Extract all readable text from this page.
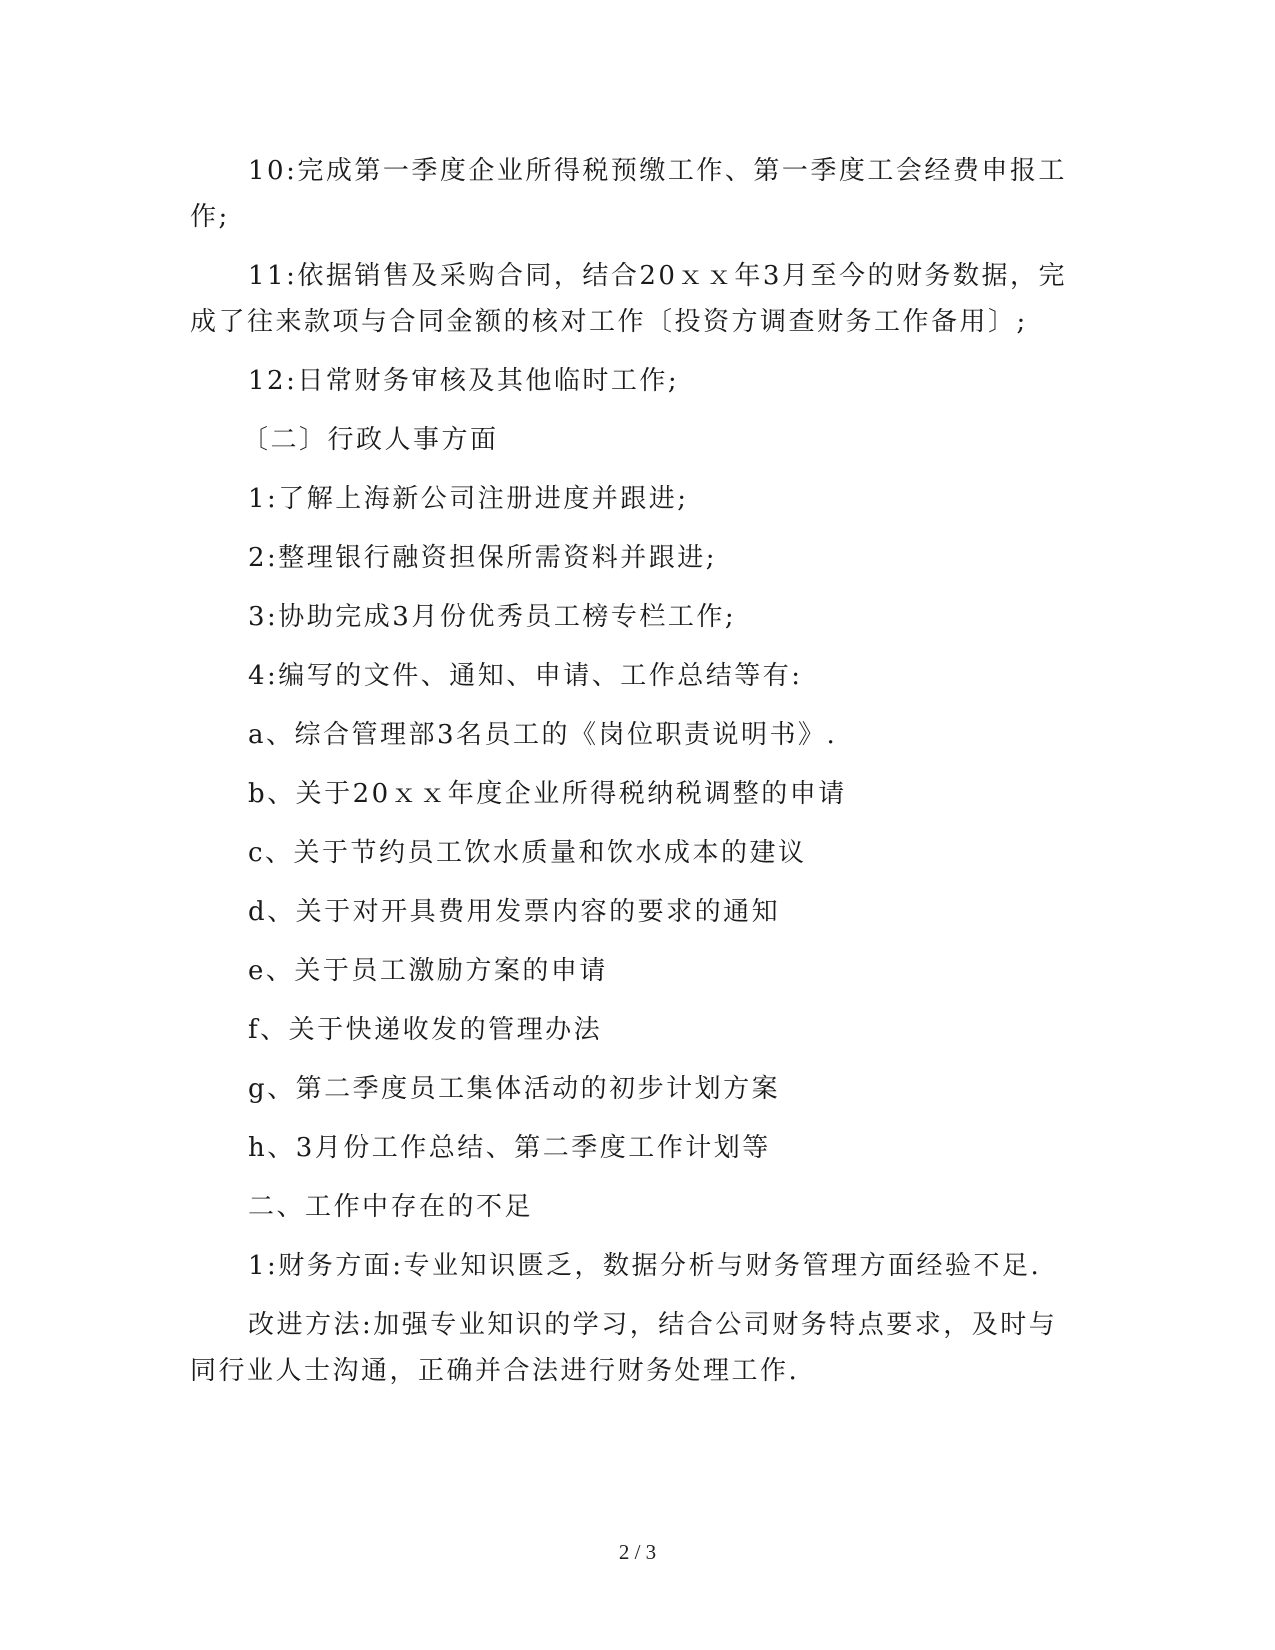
10:完成第一季度企业所得税预缴工作、第一季度工会经费申报工作;

11:依据销售及采购合同，结合20ｘｘ年3月至今的财务数据，完成了往来款项与合同金额的核对工作〔投资方调查财务工作备用〕;

12:日常财务审核及其他临时工作;

〔二〕行政人事方面

1:了解上海新公司注册进度并跟进;

2:整理银行融资担保所需资料并跟进;

3:协助完成3月份优秀员工榜专栏工作;

4:编写的文件、通知、申请、工作总结等有:

a、综合管理部3名员工的《岗位职责说明书》.

b、关于20ｘｘ年度企业所得税纳税调整的申请

c、关于节约员工饮水质量和饮水成本的建议

d、关于对开具费用发票内容的要求的通知

e、关于员工激励方案的申请

f、关于快递收发的管理办法

g、第二季度员工集体活动的初步计划方案

h、3月份工作总结、第二季度工作计划等

二、工作中存在的不足

1:财务方面:专业知识匮乏，数据分析与财务管理方面经验不足.

改进方法:加强专业知识的学习，结合公司财务特点要求，及时与同行业人士沟通，正确并合法进行财务处理工作.

2 / 3
